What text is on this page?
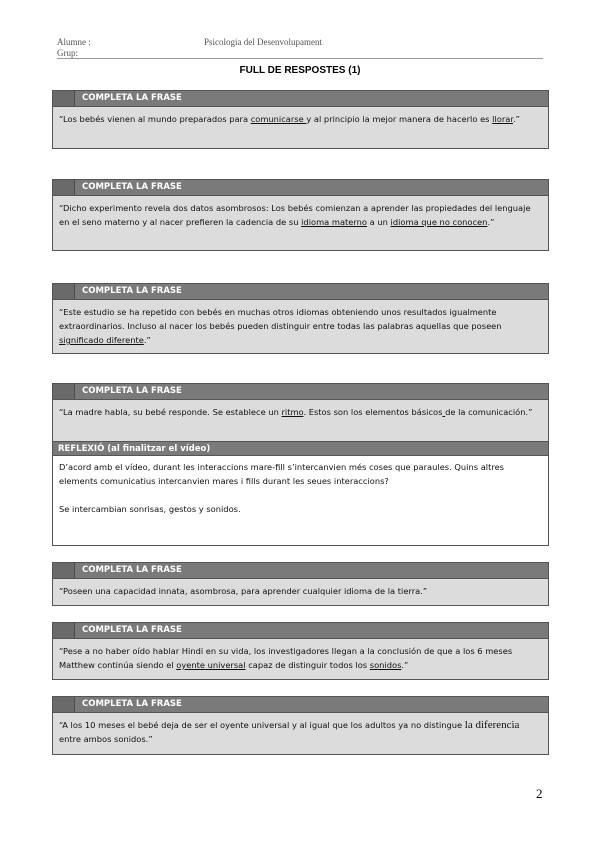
Alumne :
Grup:
Psicologia del Desenvolupament
FULL DE RESPOSTES (1)
COMPLETA LA FRASE
“Los bebés vienen al mundo preparados para comunicarse y al principio la mejor manera de hacerlo es llorar.”
COMPLETA LA FRASE
“Dicho experimento revela dos datos asombrosos: Los bebés comienzan a aprender las propiedades del lenguaje en el seno materno y al nacer prefieren la cadencia de su idioma materno a un idioma que no conocen.”
COMPLETA LA FRASE
“Este estudio se ha repetido con bebés en muchas otros idiomas obteniendo unos resultados igualmente extraordinarios. Incluso al nacer los bebés pueden distinguir entre todas las palabras aquellas que poseen significado diferente.”
COMPLETA LA FRASE
“La madre habla, su bebé responde. Se establece un ritmo. Estos son los elementos básicos de la comunicación.”
REFLEXIÓ (al finalitzar el vídeo)
D’acord amb el vídeo, durant les interaccions mare-fill s’intercanvien més coses que paraules. Quins altres elements comunicatius intercanvien mares i fills durant les seues interaccions?
Se intercambian sonrisas, gestos y sonidos.
COMPLETA LA FRASE
“Poseen una capacidad innata, asombrosa, para aprender cualquier idioma de la tierra.”
COMPLETA LA FRASE
“Pese a no haber oído hablar Hindi en su vida, los investigadores llegan a la conclusión de que a los 6 meses Matthew continúa siendo el oyente universal capaz de distinguir todos los sonidos.”
COMPLETA LA FRASE
“A los 10 meses el bebé deja de ser el oyente universal y al igual que los adultos ya no distingue la diferencia entre ambos sonidos.”
2
